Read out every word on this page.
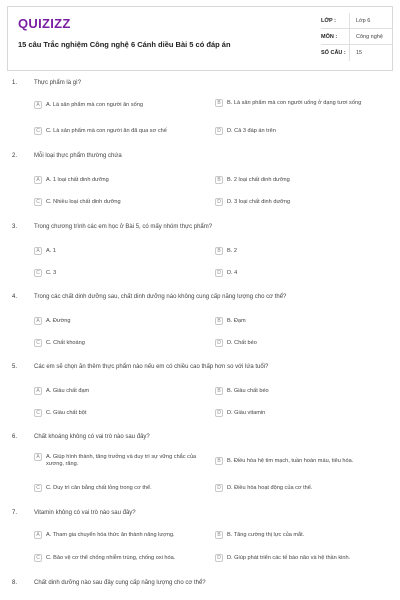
QUIZIZZ
15 câu Trắc nghiệm Công nghệ 6 Cánh diều Bài 5 có đáp án
LỚP :	Lớp 6
MÔN :	Công nghệ
SỐ CÂU :	15
1.	Thực phẩm là gì?
A	A. Là sản phẩm mà con người ăn sống	B	B. Là sản phẩm mà con người uống ở dạng tươi sống
C	C. Là sản phẩm mà con người ăn đã qua sơ chế	D	D. Cả 3 đáp án trên
2.	Mỗi loại thực phẩm thường chứa
A	A. 1 loại chất dinh dưỡng	B	B. 2 loại chất dinh dưỡng
C	C. Nhiều loại chất dinh dưỡng	D	D. 3 loại chất dinh dưỡng
3.	Trong chương trình các em học ở Bài 5, có mấy nhóm thực phẩm?
A	A. 1	B	B. 2
C	C. 3	D	D. 4
4.	Trong các chất dinh dưỡng sau, chất dinh dưỡng nào không cung cấp năng lượng cho cơ thể?
A	A. Đường	B	B. Đạm
C	C. Chất khoáng	D	D. Chất béo
5.	Các em sẽ chọn ăn thêm thực phẩm nào nếu em có chiều cao thấp hơn so với lứa tuổi?
A	A. Giàu chất đạm	B	B. Giàu chất béo
C	C. Giàu chất bột	D	D. Giàu vitamin
6.	Chất khoáng không có vai trò nào sau đây?
A	A. Giúp hình thành, tăng trưởng và duy trì sự vững chắc của xương, răng.	B	B. Điều hòa hệ tim mạch, tuần hoàn máu, tiêu hóa.
C	C. Duy trì cân bằng chất lỏng trong cơ thể.	D	D. Điều hòa hoạt động của cơ thể.
7.	Vitamin không có vai trò nào sau đây?
A	A. Tham gia chuyển hóa thức ăn thành năng lượng.	B	B. Tăng cường thị lực của mắt.
C	C. Bảo vệ cơ thể chống nhiễm trùng, chống oxi hóa.	D	D. Giúp phát triển các tế bào não và hệ thần kinh.
8.	Chất dinh dưỡng nào sau đây cung cấp năng lượng cho cơ thể?
